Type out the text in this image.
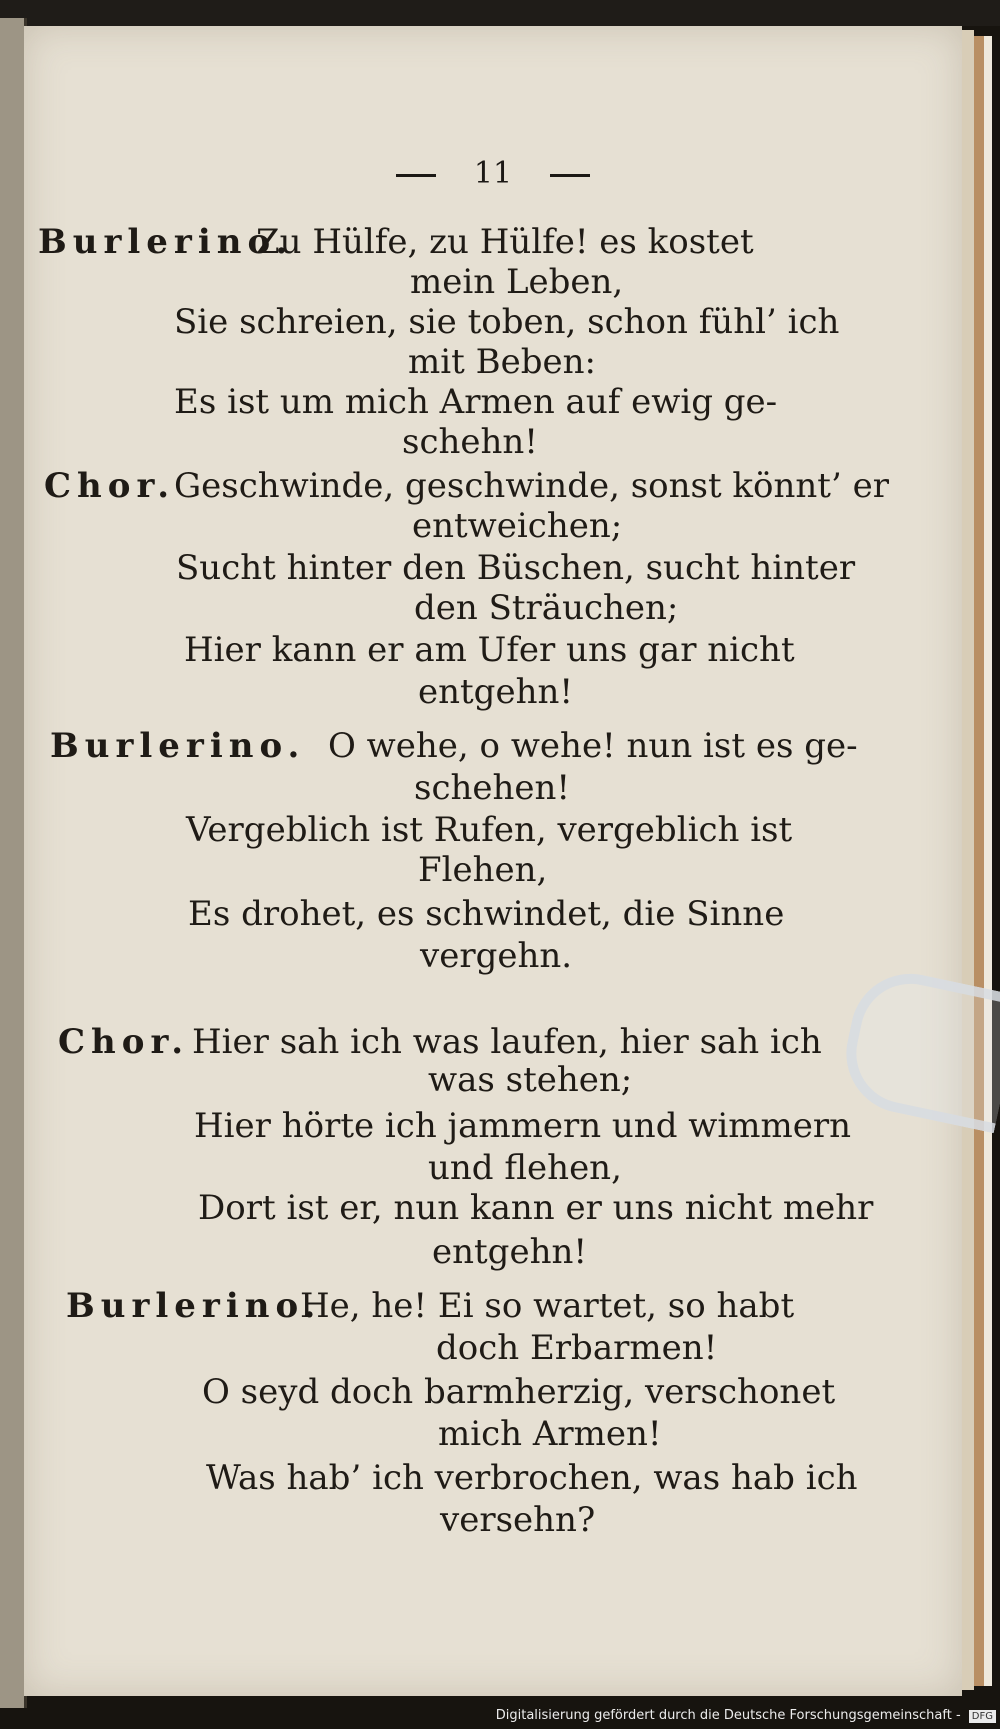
11
Burlerino.
Zu Hülfe, zu Hülfe! es kostet
mein Leben,
Sie schreien, sie toben, schon fühl’ ich
mit Beben:
Es ist um mich Armen auf ewig ge-
schehn!
Chor.
Geschwinde, geschwinde, sonst könnt’ er
entweichen;
Sucht hinter den Büschen, sucht hinter
den Sträuchen;
Hier kann er am Ufer uns gar nicht
entgehn!
Burlerino. O wehe, o wehe! nun ist es ge-
schehen!
Vergeblich ist Rufen, vergeblich ist
Flehen,
Es drohet, es schwindet, die Sinne
vergehn.
Chor. Hier sah ich was laufen, hier sah ich
was stehen;
Hier hörte ich jammern und wimmern
und flehen,
Dort ist er, nun kann er uns nicht mehr
entgehn!
Burlerino.
He, he! Ei so wartet, so habt
doch Erbarmen!
O seyd doch barmherzig, verschonet
mich Armen!
Was hab’ ich verbrochen, was hab ich
versehn?
Digitalisierung gefördert durch die Deutsche Forschungsgemeinschaft - DFG
